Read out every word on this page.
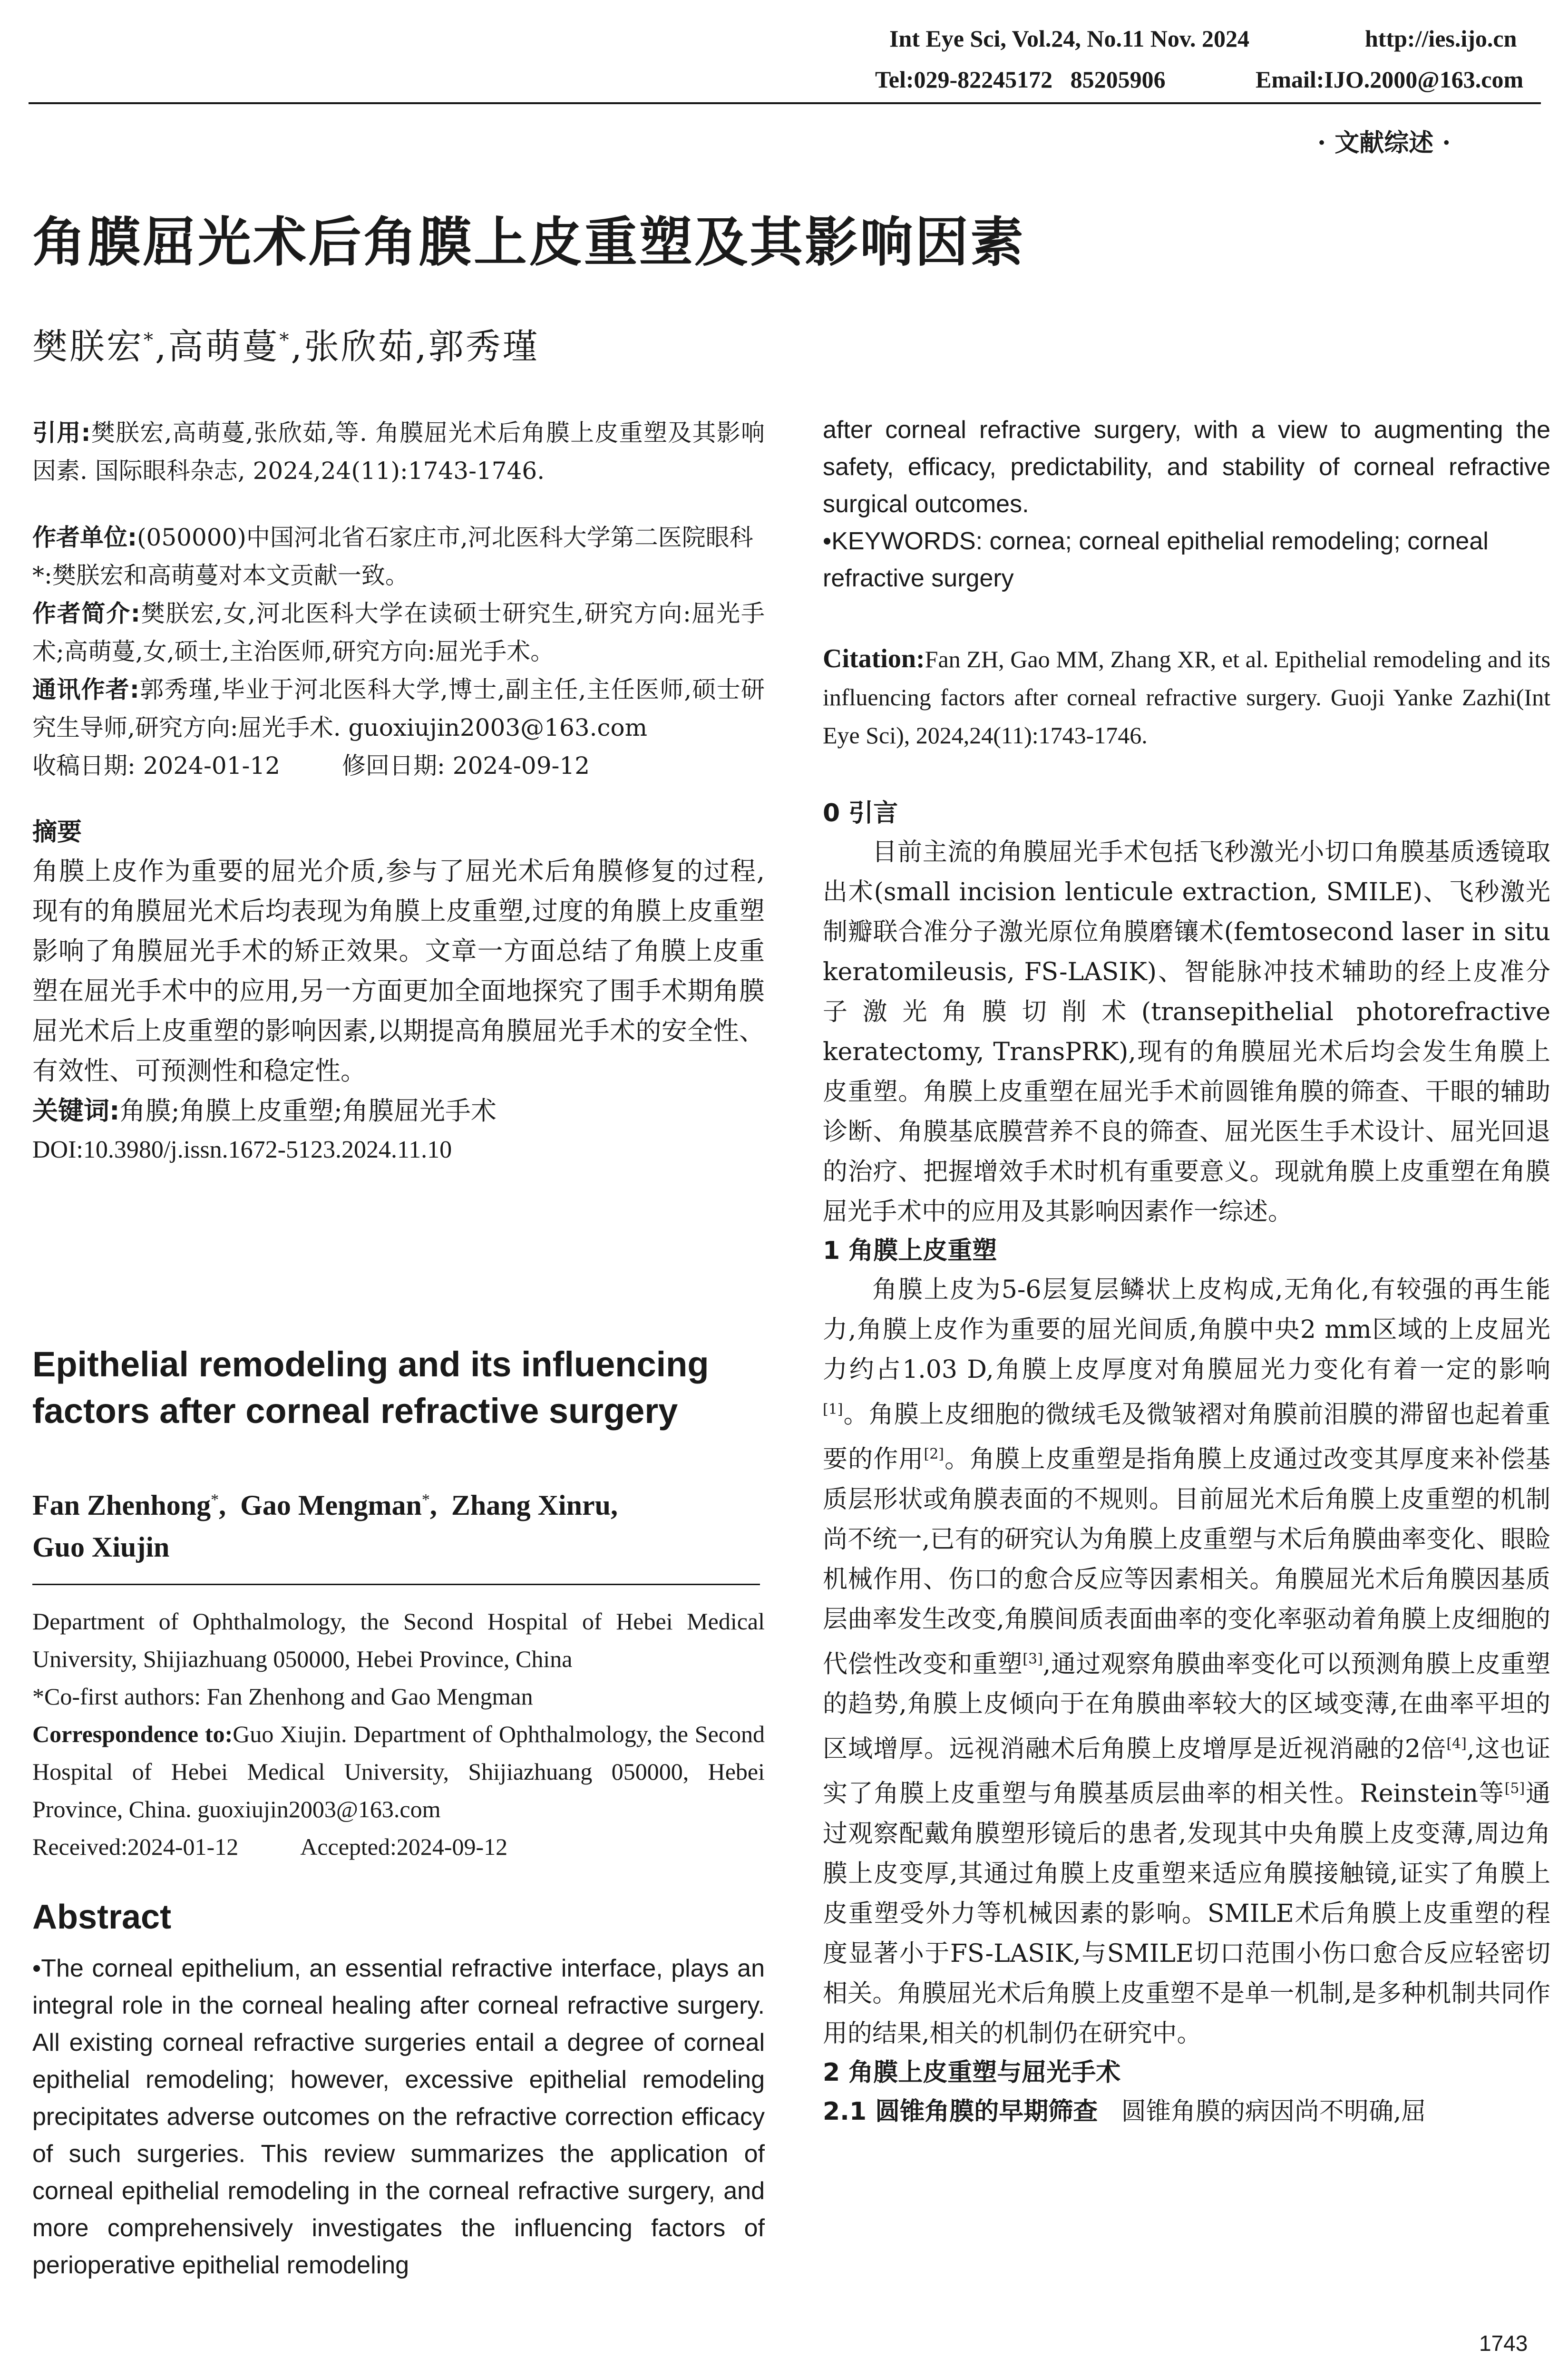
Int Eye Sci, Vol.24, No.11 Nov. 2024	http://ies.ijo.cn
Tel:029-82245172   85205906	Email:IJO.2000@163.com
· 文献综述 ·
角膜屈光术后角膜上皮重塑及其影响因素
樊朕宏*,高萌蔓*,张欣茹,郭秀瑾

引用:樊朕宏,高萌蔓,张欣茹,等. 角膜屈光术后角膜上皮重塑及其影响因素. 国际眼科杂志, 2024,24(11):1743-1746.

作者单位:(050000)中国河北省石家庄市,河北医科大学第二医院眼科

*:樊朕宏和高萌蔓对本文贡献一致。

作者简介:樊朕宏,女,河北医科大学在读硕士研究生,研究方向:屈光手术;高萌蔓,女,硕士,主治医师,研究方向:屈光手术。

通讯作者:郭秀瑾,毕业于河北医科大学,博士,副主任,主任医师,硕士研究生导师,研究方向:屈光手术. guoxiujin2003@163.com

收稿日期: 2024-01-12	修回日期: 2024-09-12

摘要

角膜上皮作为重要的屈光介质,参与了屈光术后角膜修复的过程,现有的角膜屈光术后均表现为角膜上皮重塑,过度的角膜上皮重塑影响了角膜屈光手术的矫正效果。文章一方面总结了角膜上皮重塑在屈光手术中的应用,另一方面更加全面地探究了围手术期角膜屈光术后上皮重塑的影响因素,以期提高角膜屈光手术的安全性、有效性、可预测性和稳定性。

关键词:角膜;角膜上皮重塑;角膜屈光手术

DOI:10.3980/j.issn.1672-5123.2024.11.10

Epithelial remodeling and its influencing factors after corneal refractive surgery
Fan Zhenhong*,  Gao Mengman*,  Zhang Xinru,
Guo Xiujin

Department of Ophthalmology, the Second Hospital of Hebei Medical University, Shijiazhuang 050000, Hebei Province, China

*Co-first authors: Fan Zhenhong and Gao Mengman

Correspondence to:Guo Xiujin. Department of Ophthalmology, the Second Hospital of Hebei Medical University, Shijiazhuang 050000, Hebei Province, China. guoxiujin2003@163.com

Received:2024-01-12	Accepted:2024-09-12

Abstract

• The corneal epithelium, an essential refractive interface, plays an integral role in the corneal healing after corneal refractive surgery. All existing corneal refractive surgeries entail a degree of corneal epithelial remodeling; however, excessive epithelial remodeling precipitates adverse outcomes on the refractive correction efficacy of such surgeries. This review summarizes the application of corneal epithelial remodeling in the corneal refractive surgery, and more comprehensively investigates the influencing factors of perioperative epithelial remodeling

after corneal refractive surgery, with a view to augmenting the safety, efficacy, predictability, and stability of corneal refractive surgical outcomes.

• KEYWORDS: cornea; corneal epithelial remodeling; corneal refractive surgery

Citation:Fan ZH, Gao MM, Zhang XR, et al. Epithelial remodeling and its influencing factors after corneal refractive surgery. Guoji Yanke Zazhi(Int Eye Sci), 2024,24(11):1743-1746.

0 引言

目前主流的角膜屈光手术包括飞秒激光小切口角膜基质透镜取出术(small incision lenticule extraction, SMILE)、飞秒激光制瓣联合准分子激光原位角膜磨镶术(femtosecond laser in situ keratomileusis, FS-LASIK)、智能脉冲技术辅助的经上皮准分子激光角膜切削术(transepithelial photorefractive keratectomy, TransPRK),现有的角膜屈光术后均会发生角膜上皮重塑。角膜上皮重塑在屈光手术前圆锥角膜的筛查、干眼的辅助诊断、角膜基底膜营养不良的筛查、屈光医生手术设计、屈光回退的治疗、把握增效手术时机有重要意义。现就角膜上皮重塑在角膜屈光手术中的应用及其影响因素作一综述。

1 角膜上皮重塑

角膜上皮为5-6层复层鳞状上皮构成,无角化,有较强的再生能力,角膜上皮作为重要的屈光间质,角膜中央2 mm区域的上皮屈光力约占1.03 D,角膜上皮厚度对角膜屈光力变化有着一定的影响[1]。角膜上皮细胞的微绒毛及微皱褶对角膜前泪膜的滞留也起着重要的作用[2]。角膜上皮重塑是指角膜上皮通过改变其厚度来补偿基质层形状或角膜表面的不规则。目前屈光术后角膜上皮重塑的机制尚不统一,已有的研究认为角膜上皮重塑与术后角膜曲率变化、眼睑机械作用、伤口的愈合反应等因素相关。角膜屈光术后角膜因基质层曲率发生改变,角膜间质表面曲率的变化率驱动着角膜上皮细胞的代偿性改变和重塑[3],通过观察角膜曲率变化可以预测角膜上皮重塑的趋势,角膜上皮倾向于在角膜曲率较大的区域变薄,在曲率平坦的区域增厚。远视消融术后角膜上皮增厚是近视消融的2倍[4],这也证实了角膜上皮重塑与角膜基质层曲率的相关性。Reinstein等[5]通过观察配戴角膜塑形镜后的患者,发现其中央角膜上皮变薄,周边角膜上皮变厚,其通过角膜上皮重塑来适应角膜接触镜,证实了角膜上皮重塑受外力等机械因素的影响。SMILE术后角膜上皮重塑的程度显著小于FS-LASIK,与SMILE切口范围小伤口愈合反应轻密切相关。角膜屈光术后角膜上皮重塑不是单一机制,是多种机制共同作用的结果,相关的机制仍在研究中。

2 角膜上皮重塑与屈光手术
2.1 圆锥角膜的早期筛查 圆锥角膜的病因尚不明确,屈
1743
